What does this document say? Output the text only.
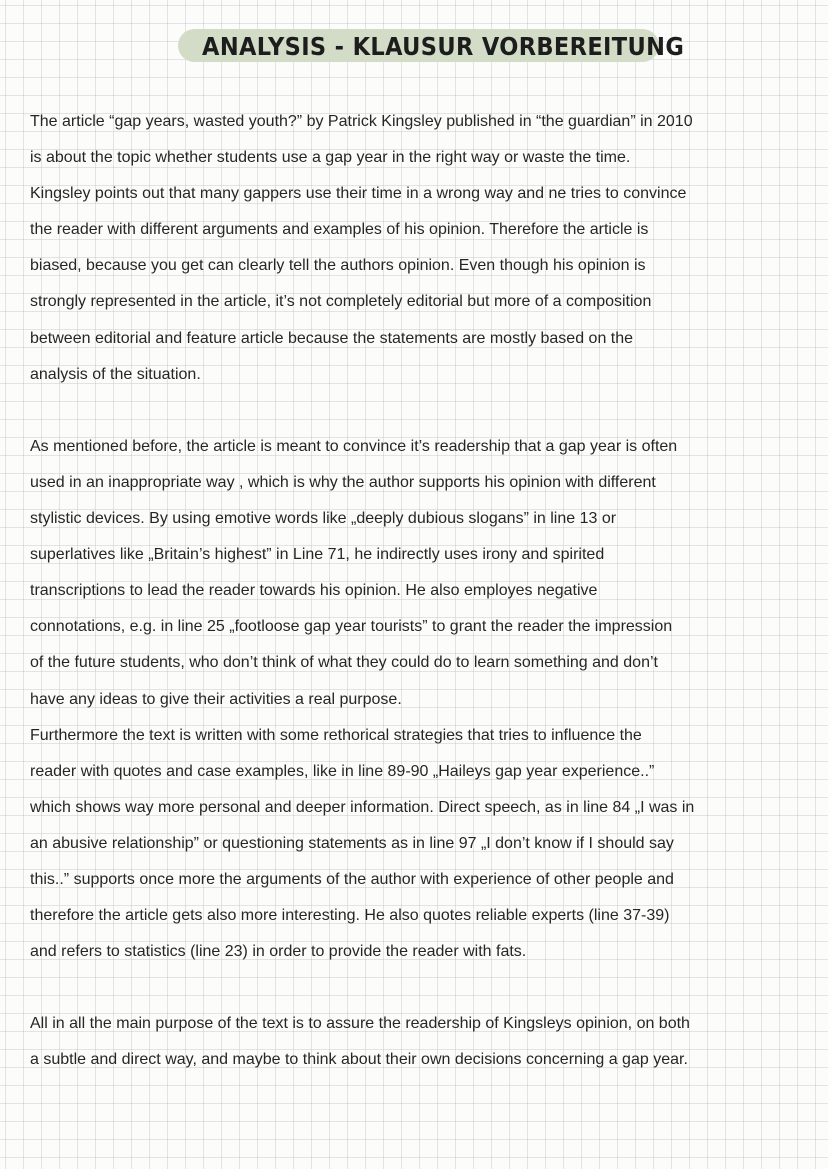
ANALYSIS - KLAUSUR VORBEREITUNG
The article “gap years, wasted youth?” by Patrick Kingsley published in “the guardian” in 2010
is about the topic whether students use a gap year in the right way or waste the time.
Kingsley points out that many gappers use their time in a wrong way and ne tries to convince
the reader with different arguments and examples of his opinion. Therefore the article is
biased, because you get can clearly tell the authors opinion. Even though his opinion is
strongly represented in the article, it’s not completely editorial but more of a composition
between editorial and feature article because the statements are mostly based on the
analysis of the situation.
As mentioned before, the article is meant to convince it’s readership that a gap year is often
used in an inappropriate way , which is why the author supports his opinion with different
stylistic devices. By using emotive words like „deeply dubious slogans” in line 13 or
superlatives like „Britain’s highest” in Line 71, he indirectly uses irony and spirited
transcriptions to lead the reader towards his opinion. He also employes negative
connotations, e.g. in line 25 „footloose gap year tourists” to grant the reader the impression
of the future students, who don’t think of what they could do to learn something and don’t
have any ideas to give their activities a real purpose.
Furthermore the text is written with some rethorical strategies that tries to influence the
reader with quotes and case examples, like in line 89-90 „Haileys gap year experience..”
which shows way more personal and deeper information. Direct speech, as in line 84 „I was in
an abusive relationship” or questioning statements as in line 97 „I don’t know if I should say
this..” supports once more the arguments of the author with experience of other people and
therefore the article gets also more interesting. He also quotes reliable experts (line 37-39)
and refers to statistics (line 23) in order to provide the reader with fats.
All in all the main purpose of the text is to assure the readership of Kingsleys opinion, on both
a subtle and direct way, and maybe to think about their own decisions concerning a gap year.
